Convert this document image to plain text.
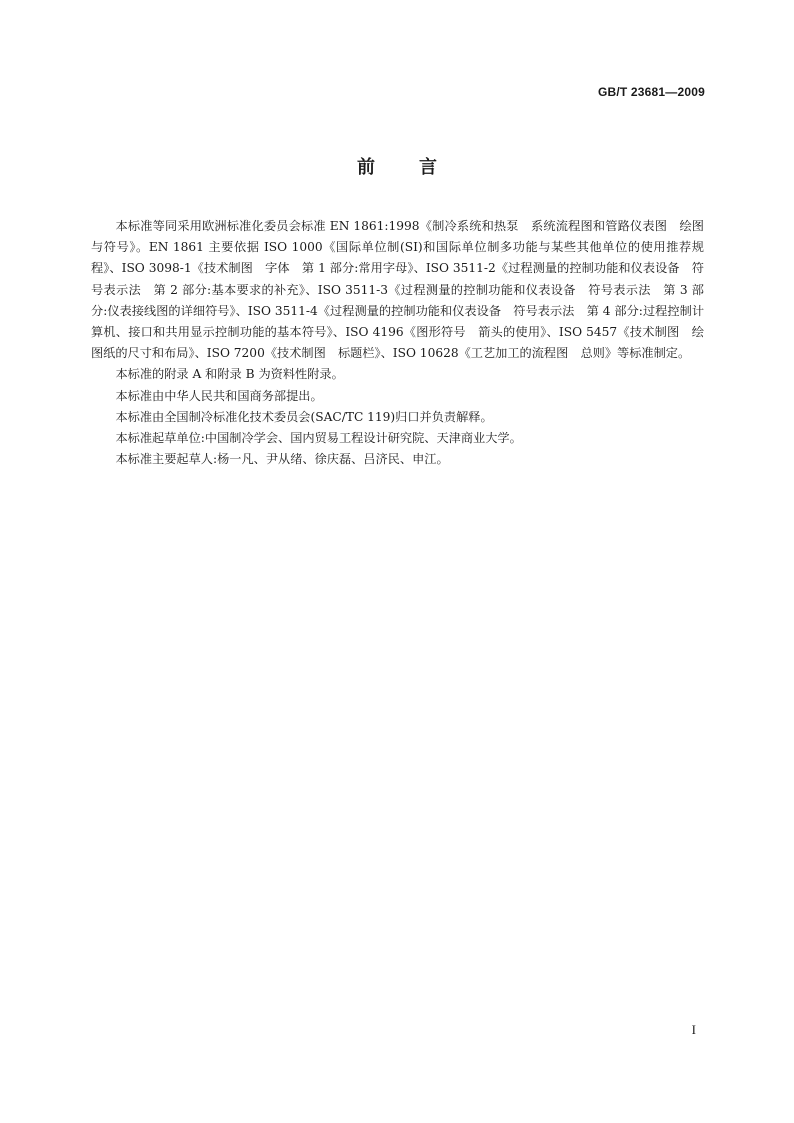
GB/T 23681—2009
前言

本标准等同采用欧洲标准化委员会标准 EN 1861:1998《制冷系统和热泵　系统流程图和管路仪表图　绘图与符号》。EN 1861 主要依据 ISO 1000《国际单位制(SI)和国际单位制多功能与某些其他单位的使用推荐规程》、ISO 3098-1《技术制图　字体　第 1 部分:常用字母》、ISO 3511-2《过程测量的控制功能和仪表设备　符号表示法　第 2 部分:基本要求的补充》、ISO 3511-3《过程测量的控制功能和仪表设备　符号表示法　第 3 部分:仪表接线图的详细符号》、ISO 3511-4《过程测量的控制功能和仪表设备　符号表示法　第 4 部分:过程控制计算机、接口和共用显示控制功能的基本符号》、ISO 4196《图形符号　箭头的使用》、ISO 5457《技术制图　绘图纸的尺寸和布局》、ISO 7200《技术制图　标题栏》、ISO 10628《工艺加工的流程图　总则》等标准制定。

本标准的附录 A 和附录 B 为资料性附录。

本标准由中华人民共和国商务部提出。

本标准由全国制冷标准化技术委员会(SAC/TC 119)归口并负责解释。

本标准起草单位:中国制冷学会、国内贸易工程设计研究院、天津商业大学。

本标准主要起草人:杨一凡、尹从绪、徐庆磊、吕济民、申江。

I
